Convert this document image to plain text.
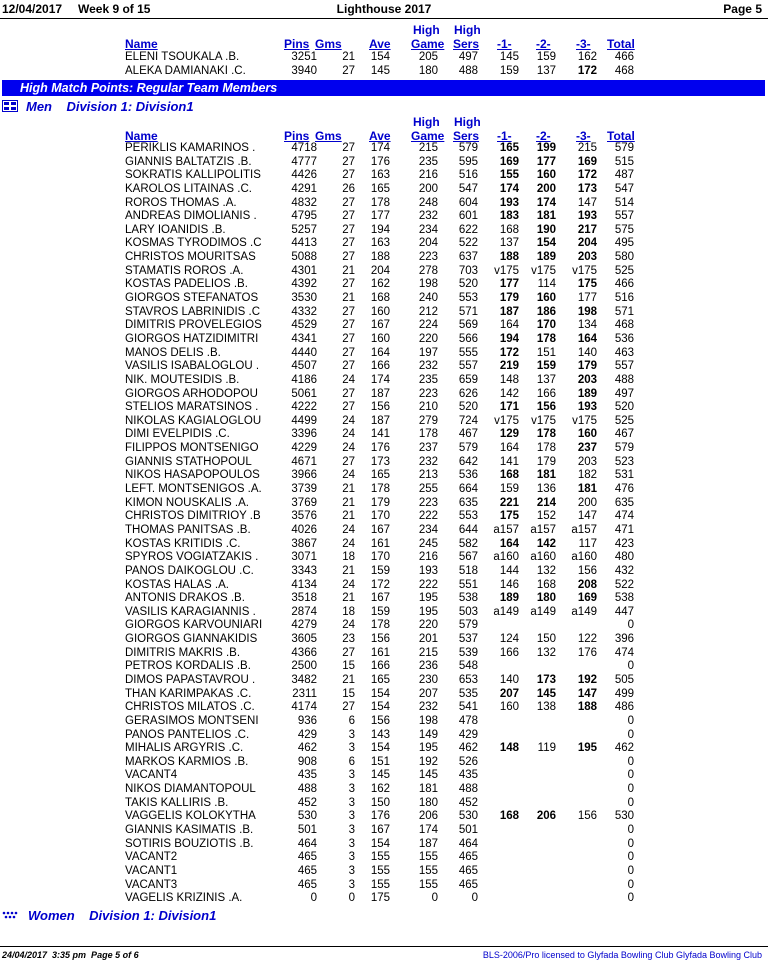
12/04/2017 Week 9 of 15	Lighthouse 2017	Page 5
High High
Name	Pins Gms Ave Game Sers -1- -2- -3- Total
ELENI TSOUKALA .B.	3251 21 154	205 497 145 159 162 466
ALEKA DAMIANAKI .C.	3940 27 145	180 488 159 137 172 468
High Match Points: Regular Team Members
Men    Division 1: Division1
High High
Name	Pins Gms Ave Game Sers -1- -2- -3- Total
PERIKLIS KAMARINOS .	4718 27 174	215 579 165 199 215 579
GIANNIS BALTATZIS .B.	4777 27 176	235 595 169 177 169 515
SOKRATIS KALLIPOLITIS	4426 27 163	216 516 155 160 172 487
KAROLOS LITAINAS .C.	4291 26 165	200 547 174 200 173 547
ROROS THOMAS .A.	4832 27 178	248 604 193 174 147 514
ANDREAS DIMOLIANIS .	4795 27 177	232 601 183 181 193 557
LARY IOANIDIS .B.	5257 27 194	234 622 168 190 217 575
KOSMAS TYRODIMOS .C	4413 27 163	204 522 137 154 204 495
CHRISTOS MOURITSAS	5088 27 188	223 637 188 189 203 580
STAMATIS ROROS .A.	4301 21 204	278 703 v175 v175 v175 525
KOSTAS PADELIOS .B.	4392 27 162	198 520 177 114 175 466
GIORGOS STEFANATOS	3530 21 168	240 553 179 160 177 516
STAVROS LABRINIDIS .C	4332 27 160	212 571 187 186 198 571
DIMITRIS PROVELEGIOS	4529 27 167	224 569 164 170 134 468
GIORGOS HATZIDIMITRI	4341 27 160	220 566 194 178 164 536
MANOS DELIS .B.	4440 27 164	197 555 172 151 140 463
VASILIS ISABALOGLOU .	4507 27 166	232 557 219 159 179 557
NIK. MOUTESIDIS .B.	4186 24 174	235 659 148 137 203 488
GIORGOS ARHODOPOU	5061 27 187	223 626 142 166 189 497
STELIOS MARATSINOS .	4222 27 156	210 520 171 156 193 520
NIKOLAS KAGIALOGLOU	4499 24 187	279 724 v175 v175 v175 525
DIMI EVELPIDIS .C.	3396 24 141	178 467 129 178 160 467
FILIPPOS MONTSENIGO	4229 24 176	237 579 164 178 237 579
GIANNIS STATHOPOUL	4671 27 173	232 642 141 179 203 523
NIKOS HASAPOPOULOS	3966 24 165	213 536 168 181 182 531
LEFT. MONTSENIGOS .A.	3739 21 178	255 664 159 136 181 476
KIMON NOUSKALIS .A.	3769 21 179	223 635 221 214 200 635
CHRISTOS DIMITRIOY .B	3576 21 170	222 553 175 152 147 474
THOMAS PANITSAS .B.	4026 24 167	234 644 a157 a157 a157 471
KOSTAS KRITIDIS .C.	3867 24 161	245 582 164 142 117 423
SPYROS VOGIATZAKIS .	3071 18 170	216 567 a160 a160 a160 480
PANOS DAIKOGLOU .C.	3343 21 159	193 518 144 132 156 432
KOSTAS HALAS .A.	4134 24 172	222 551 146 168 208 522
ANTONIS DRAKOS .B.	3518 21 167	195 538 189 180 169 538
VASILIS KARAGIANNIS .	2874 18 159	195 503 a149 a149 a149 447
GIORGOS KARVOUNIARI	4279 24 178	220 579	0
GIORGOS GIANNAKIDIS	3605 23 156	201 537 124 150 122 396
DIMITRIS MAKRIS .B.	4366 27 161	215 539 166 132 176 474
PETROS KORDALIS .B.	2500 15 166	236 548	0
DIMOS PAPASTAVROU .	3482 21 165	230 653 140 173 192 505
THAN KARIMPAKAS .C.	2311 15 154	207 535 207 145 147 499
CHRISTOS MILATOS .C.	4174 27 154	232 541 160 138 188 486
GERASIMOS MONTSENI	936	6 156	198 478	0
PANOS PANTELIOS .C.	429	3 143	149 429	0
MIHALIS ARGYRIS .C.	462	3 154	195 462 148 119 195 462
MARKOS KARMIOS .B.	908	6 151	192 526	0
VACANT4	435	3 145	145 435	0
NIKOS DIAMANTOPOUL	488	3 162	181 488	0
TAKIS KALLIRIS .B.	452	3 150	180 452	0
VAGGELIS KOLOKYTHA	530	3 176	206 530 168 206 156 530
GIANNIS KASIMATIS .B.	501	3 167	174 501	0
SOTIRIS BOUZIOTIS .B.	464	3 154	187 464	0
VACANT2	465	3 155	155 465	0
VACANT1	465	3 155	155 465	0
VACANT3	465	3 155	155 465	0
VAGELIS KRIZINIS .A.	0	0 175	0	0	0
Women    Division 1: Division1
24/04/2017  3:35 pm  Page 5 of 6	BLS-2006/Pro licensed to Glyfada Bowling Club Glyfada Bowling Club
